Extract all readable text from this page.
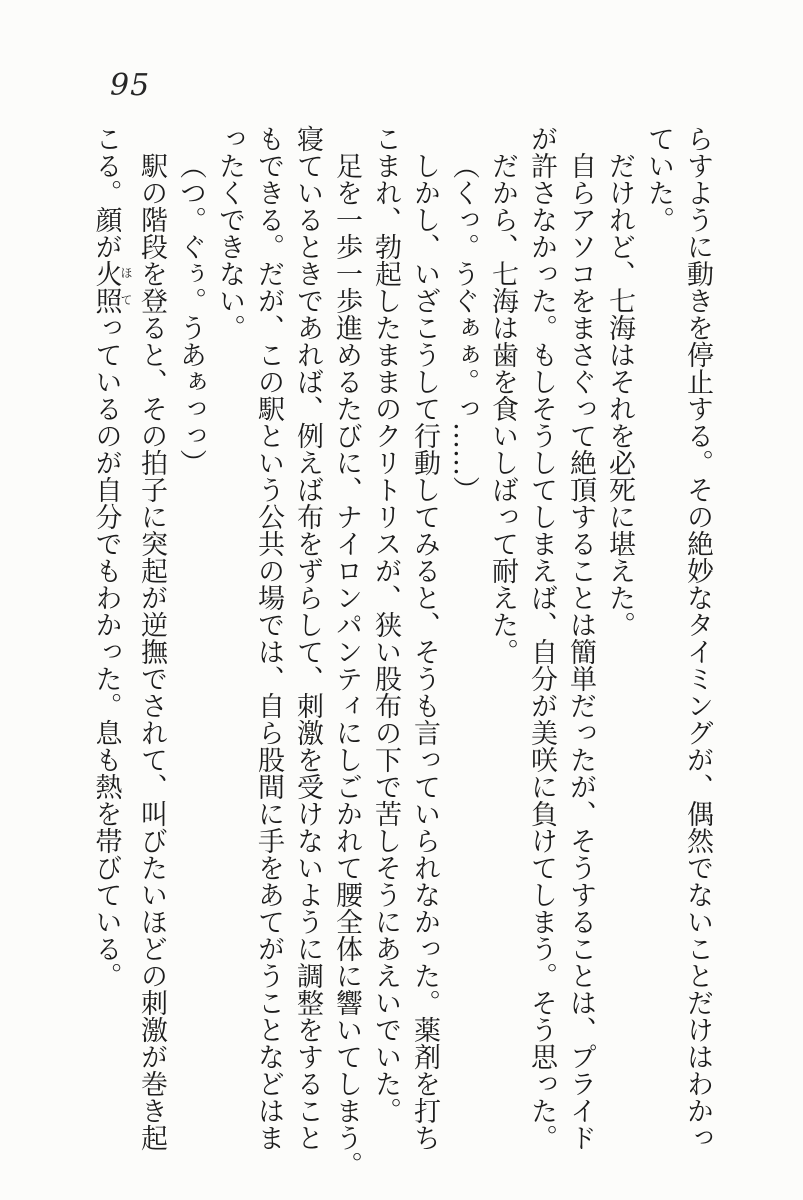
95

らすように動きを停止する。その絶妙なタイミングが、偶然でないことだけはわかっ

ていた。

だけれど、七海はそれを必死に堪えた。

自らアソコをまさぐって絶頂することは簡単だったが、そうすることは、プライド

が許さなかった。もしそうしてしまえば、自分が美咲に負けてしまう。そう思った。

だから、七海は歯を食いしばって耐えた。

（くっ。うぐぁぁ。っ……）

しかし、いざこうして行動してみると、そうも言っていられなかった。薬剤を打ち

こまれ、勃起したままのクリトリスが、狭い股布の下で苦しそうにあえいでいた。

足を一歩一歩進めるたびに、ナイロンパンティにしごかれて腰全体に響いてしまう。

寝ているときであれば、例えば布をずらして、刺激を受けないように調整をすること

もできる。だが、この駅という公共の場では、自ら股間に手をあてがうことなどはま

ったくできない。

（つ。ぐぅ。うあぁっっ）

駅の階段を登ると、その拍子に突起が逆撫でされて、叫びたいほどの刺激が巻き起

こる。顔が火照ほてっているのが自分でもわかった。息も熱を帯びている。
